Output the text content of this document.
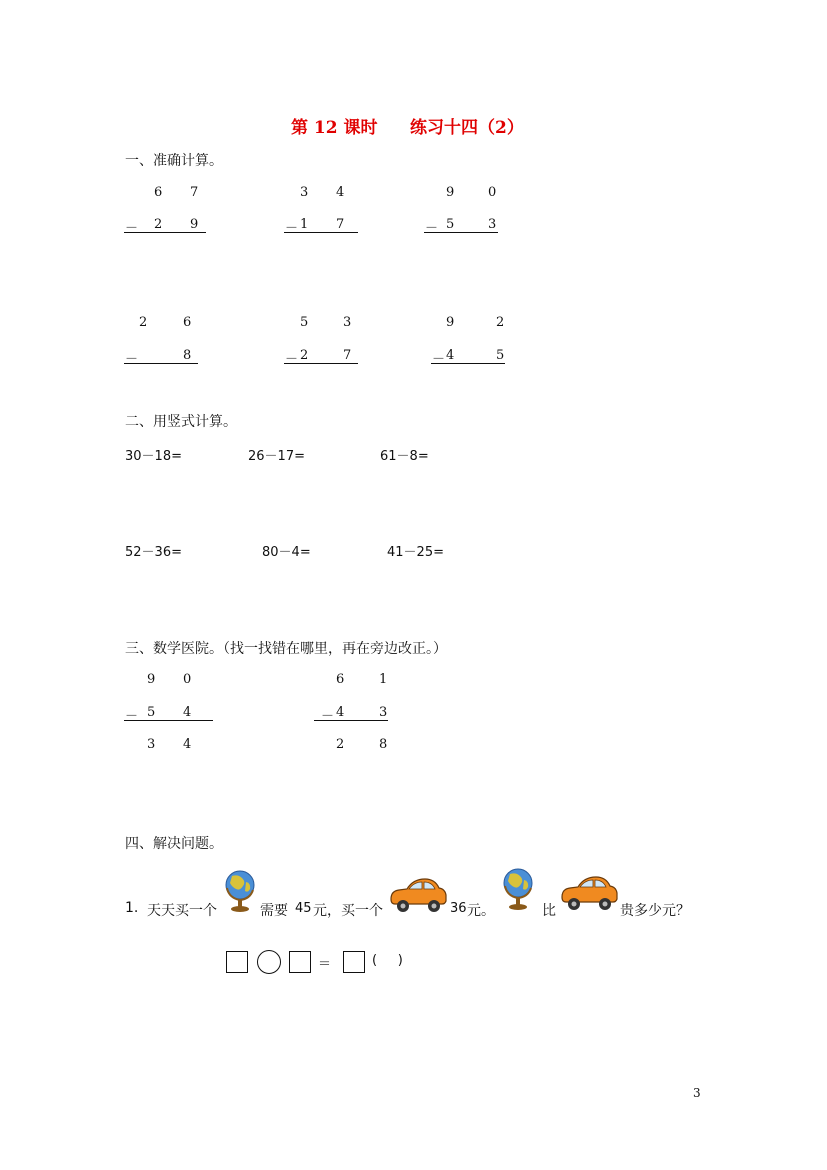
第 12 课时 练习十四（2）
一、准确计算。
6 7
－ 2 9
3 4
－ 1 7
9	0
－ 5	3
2	6
－	8
5	3
－ 2	7
9	2
－ 4	5
二、用竖式计算。
30－18=	26－17=	61－8=
52－36=	80－4=	41－25=
三、数学医院。（找一找错在哪里，再在旁边改正。）
9 0
－ 5 4
3 4
6	1
－ 4	3
2	8
四、解决问题。
1. 天天买一个	需要 45 元，买一个	36 元。	比	贵多少元？
＝	(     )
3
